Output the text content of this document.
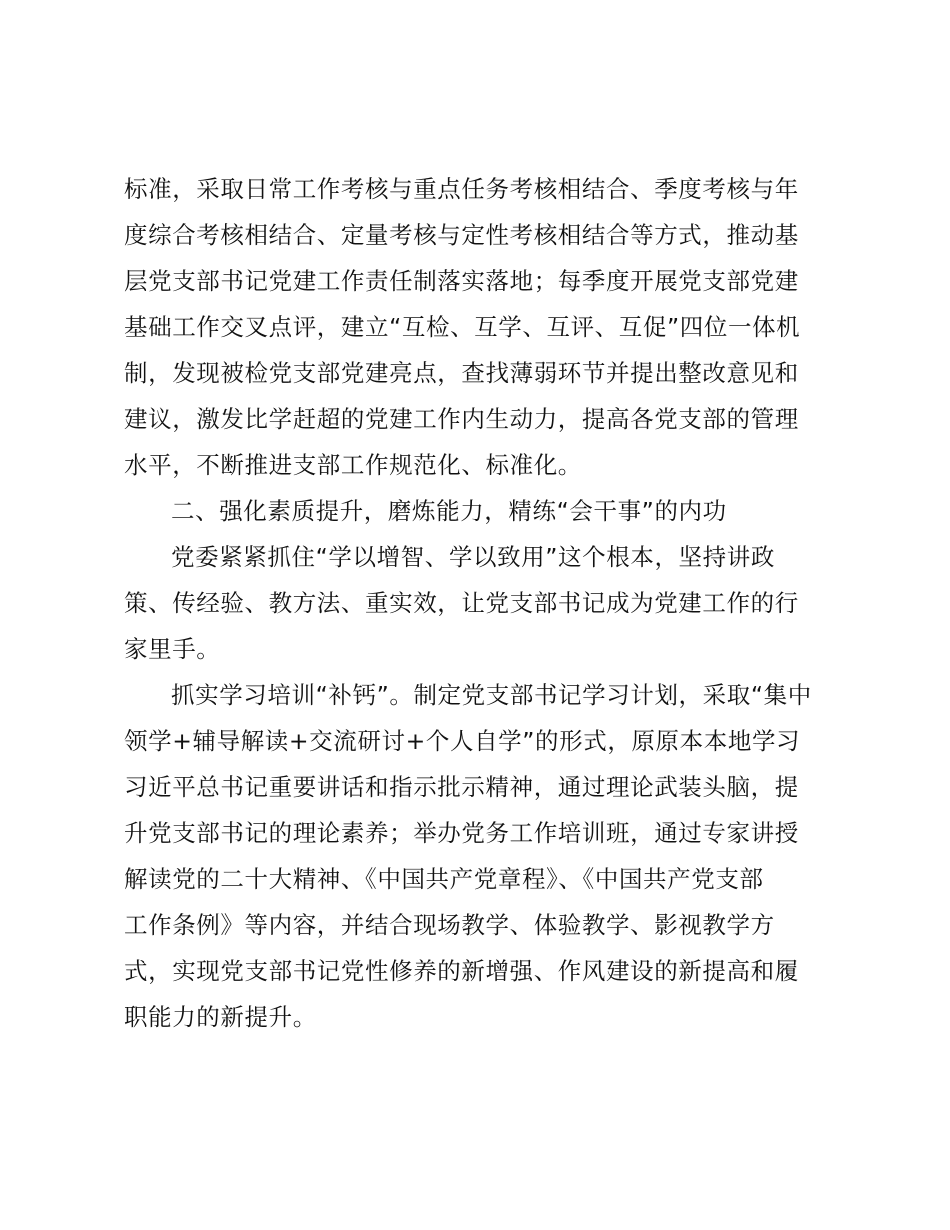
标准，采取日常工作考核与重点任务考核相结合、季度考核与年
度综合考核相结合、定量考核与定性考核相结合等方式，推动基
层党支部书记党建工作责任制落实落地；每季度开展党支部党建
基础工作交叉点评，建立“互检、互学、互评、互促”四位一体机
制，发现被检党支部党建亮点，查找薄弱环节并提出整改意见和
建议，激发比学赶超的党建工作内生动力，提高各党支部的管理
水平，不断推进支部工作规范化、标准化。
二、强化素质提升，磨炼能力，精练“会干事”的内功
党委紧紧抓住“学以增智、学以致用”这个根本，坚持讲政
策、传经验、教方法、重实效，让党支部书记成为党建工作的行
家里手。
抓实学习培训“补钙”。制定党支部书记学习计划，采取“集中
领学+辅导解读+交流研讨+个人自学”的形式，原原本本地学习
习近平总书记重要讲话和指示批示精神，通过理论武装头脑，提
升党支部书记的理论素养；举办党务工作培训班，通过专家讲授
解读党的二十大精神、《中国共产党章程》、《中国共产党支部
工作条例》等内容，并结合现场教学、体验教学、影视教学方
式，实现党支部书记党性修养的新增强、作风建设的新提高和履
职能力的新提升。
